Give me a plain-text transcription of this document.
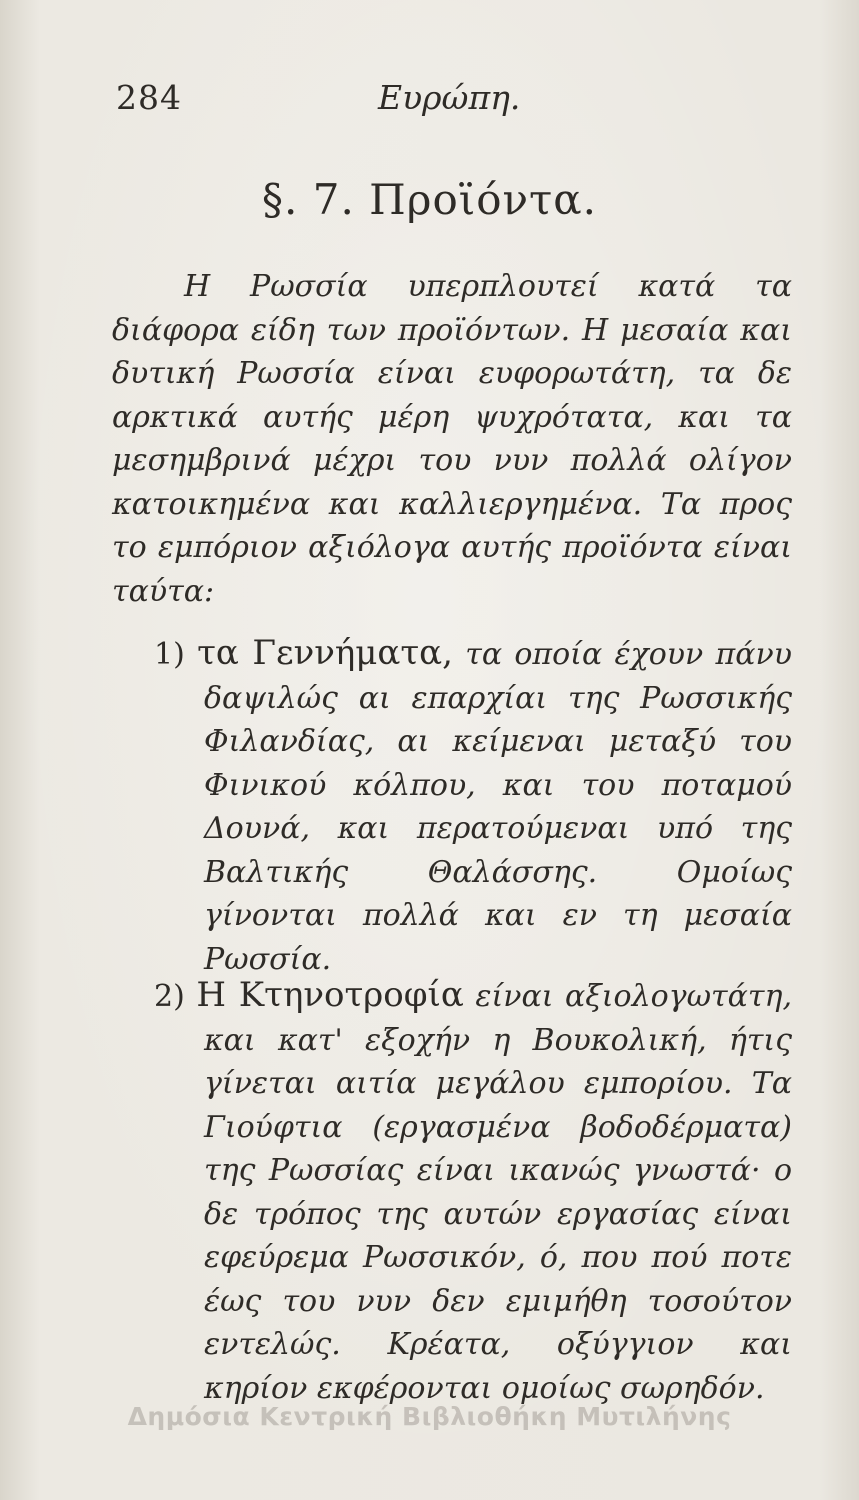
284	Ευρώπη.
§. 7. Προϊόντα.
Η Ρωσσία υπερπλουτεί κατά τα διάφορα είδη των προϊόντων. Η μεσαία και δυτική Ρωσσία είναι ευφορωτάτη, τα δε αρκτικά αυτής μέρη ψυχρότατα, και τα μεσημβρινά μέχρι του νυν πολλά ολίγον κατοικημένα και καλλιεργημένα. Τα προς το εμπόριον αξιόλογα αυτής προϊόντα είναι ταύτα:
1) τα Γεννήματα, τα οποία έχουν πάνυ δαψιλώς αι επαρχίαι της Ρωσσικής Φιλανδίας, αι κείμεναι μεταξύ του Φινικού κόλπου, και του ποταμού Δουνά, και περατούμεναι υπό της Βαλτικής Θαλάσσης. Ομοίως γίνονται πολλά και εν τη μεσαία Ρωσσία.
2) Η Κτηνοτροφία είναι αξιολογωτάτη, και κατ' εξοχήν η Βουκολική, ήτις γίνεται αιτία μεγάλου εμπορίου. Τα Γιούφτια (εργασμένα βοδοδέρματα) της Ρωσσίας είναι ικανώς γνωστά· ο δε τρόπος της αυτών εργασίας είναι εφεύρεμα Ρωσσικόν, ό, που πού ποτε έως του νυν δεν εμιμήθη τοσούτον εντελώς. Κρέατα, οξύγγιον και κηρίον εκφέρονται ομοίως σωρηδόν.
Δημόσια Κεντρική Βιβλιοθήκη Μυτιλήνης
